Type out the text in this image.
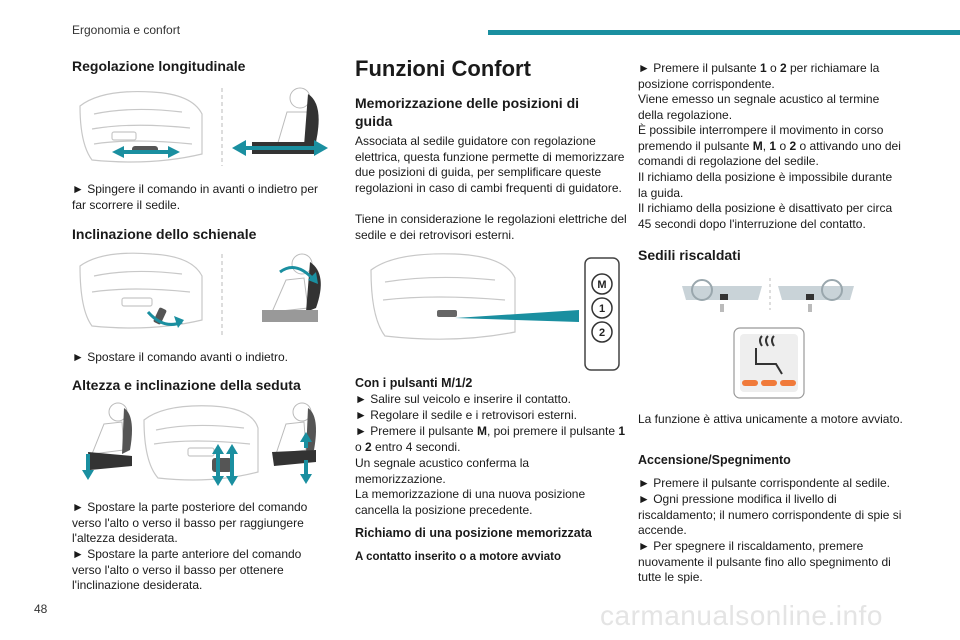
Ergonomia e confort
Regolazione longitudinale

► Spingere il comando in avanti o indietro per far scorrere il sedile.

Inclinazione dello schienale

► Spostare il comando avanti o indietro.

Altezza e inclinazione della seduta

► Spostare la parte posteriore del comando verso l'alto o verso il basso per raggiungere l'altezza desiderata.

► Spostare la parte anteriore del comando verso l'alto o verso il basso per ottenere l'inclinazione desiderata.

Funzioni Confort
Memorizzazione delle posizioni di guida

Associata al sedile guidatore con regolazione elettrica, questa funzione permette di memorizzare due posizioni di guida, per semplificare queste regolazioni in caso di cambi frequenti di guidatore.

Tiene in considerazione le regolazioni elettriche del sedile e dei retrovisori esterni.

M
1
2
Con i pulsanti M/1/2

► Salire sul veicolo e inserire il contatto.

► Regolare il sedile e i retrovisori esterni.

► Premere il pulsante M, poi premere il pulsante 1 o 2 entro 4 secondi.

Un segnale acustico conferma la memorizzazione.

La memorizzazione di una nuova posizione cancella la posizione precedente.

Richiamo di una posizione memorizzata
A contatto inserito o a motore avviato

► Premere il pulsante 1 o 2 per richiamare la posizione corrispondente.

Viene emesso un segnale acustico al termine della regolazione.

È possibile interrompere il movimento in corso premendo il pulsante M, 1 o 2 o attivando uno dei comandi di regolazione del sedile.

Il richiamo della posizione è impossibile durante la guida.

Il richiamo della posizione è disattivato per circa 45 secondi dopo l'interruzione del contatto.

Sedili riscaldati

La funzione è attiva unicamente a motore avviato.

Accensione/Spegnimento

► Premere il pulsante corrispondente al sedile.

► Ogni pressione modifica il livello di riscaldamento; il numero corrispondente di spie si accende.

► Per spegnere il riscaldamento, premere nuovamente il pulsante fino allo spegnimento di tutte le spie.

48	carmanualsonline.info
